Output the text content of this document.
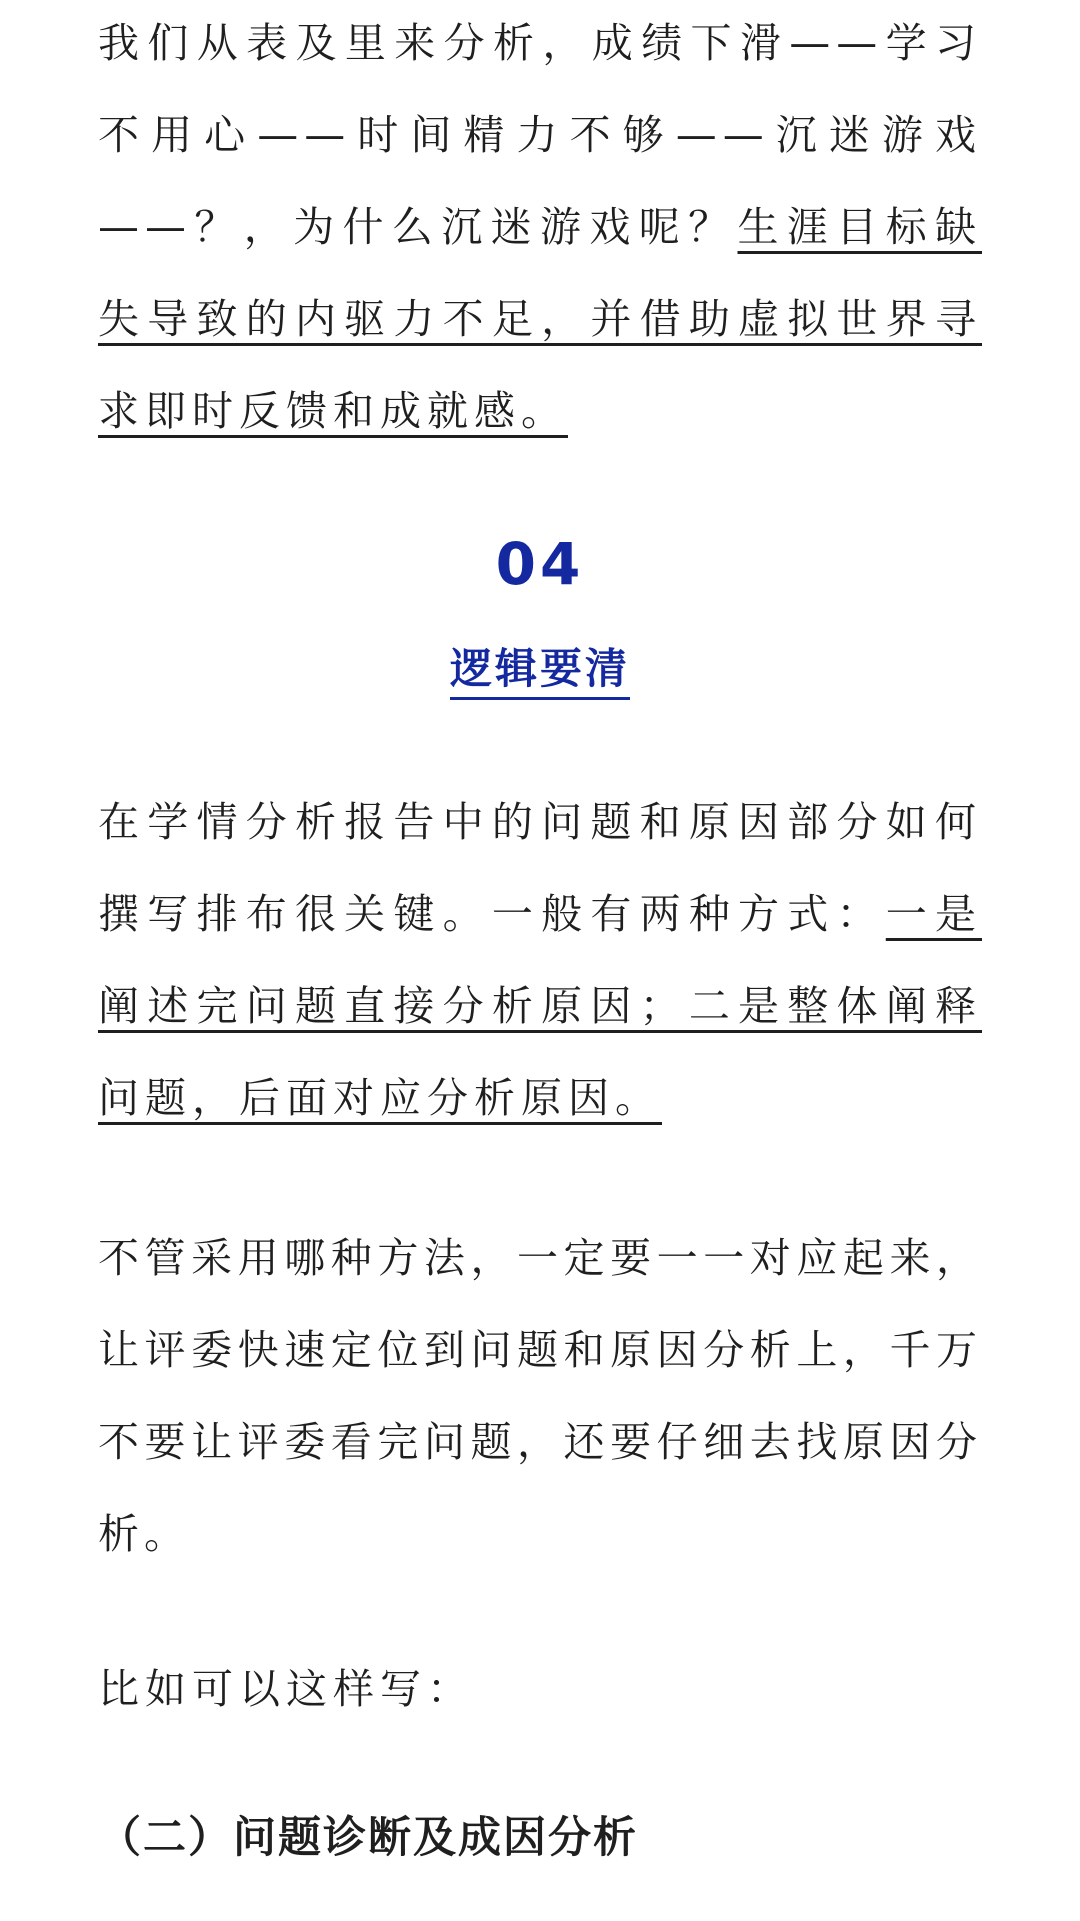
我们从表及里来分析，成绩下滑——学习不用心——时间精力不够——沉迷游戏——？，为什么沉迷游戏呢？生涯目标缺失导致的内驱力不足，并借助虚拟世界寻求即时反馈和成就感。

04
逻辑要清

在学情分析报告中的问题和原因部分如何撰写排布很关键。一般有两种方式：一是阐述完问题直接分析原因；二是整体阐释问题，后面对应分析原因。

不管采用哪种方法，一定要一一对应起来，让评委快速定位到问题和原因分析上，千万不要让评委看完问题，还要仔细去找原因分析。

比如可以这样写：

（二）问题诊断及成因分析
